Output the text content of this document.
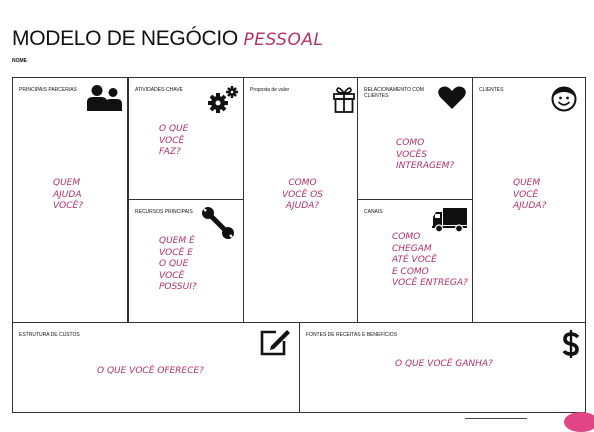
MODELO DE NEGÓCIO PESSOAL
NOME
PRINCIPAIS PARCERIAS
QUEM
AJUDA
VOCÊ?
ATIVIDADES-CHAVE
O QUE
VOCÊ
FAZ?
RECURSOS PRINCIPAIS
QUEM É
VOCÊ E
O QUE
VOCÊ
POSSUI?
Proposta de valor
COMO
VOCÊ OS
AJUDA?
RELACIONAMENTO COM CLIENTES
COMO
VOCÊS
INTERAGEM?
CANAIS
COMO
CHEGAM
ATÉ VOCÊ
E COMO
VOCÊ ENTREGA?
CLIENTES
QUEM
VOCÊ
AJUDA?
ESTRUTURA DE CUSTOS
O QUE VOCÊ OFERECE?
FONTES DE RECEITAS E BENEFÍCIOS
O QUE VOCÊ GANHA?
